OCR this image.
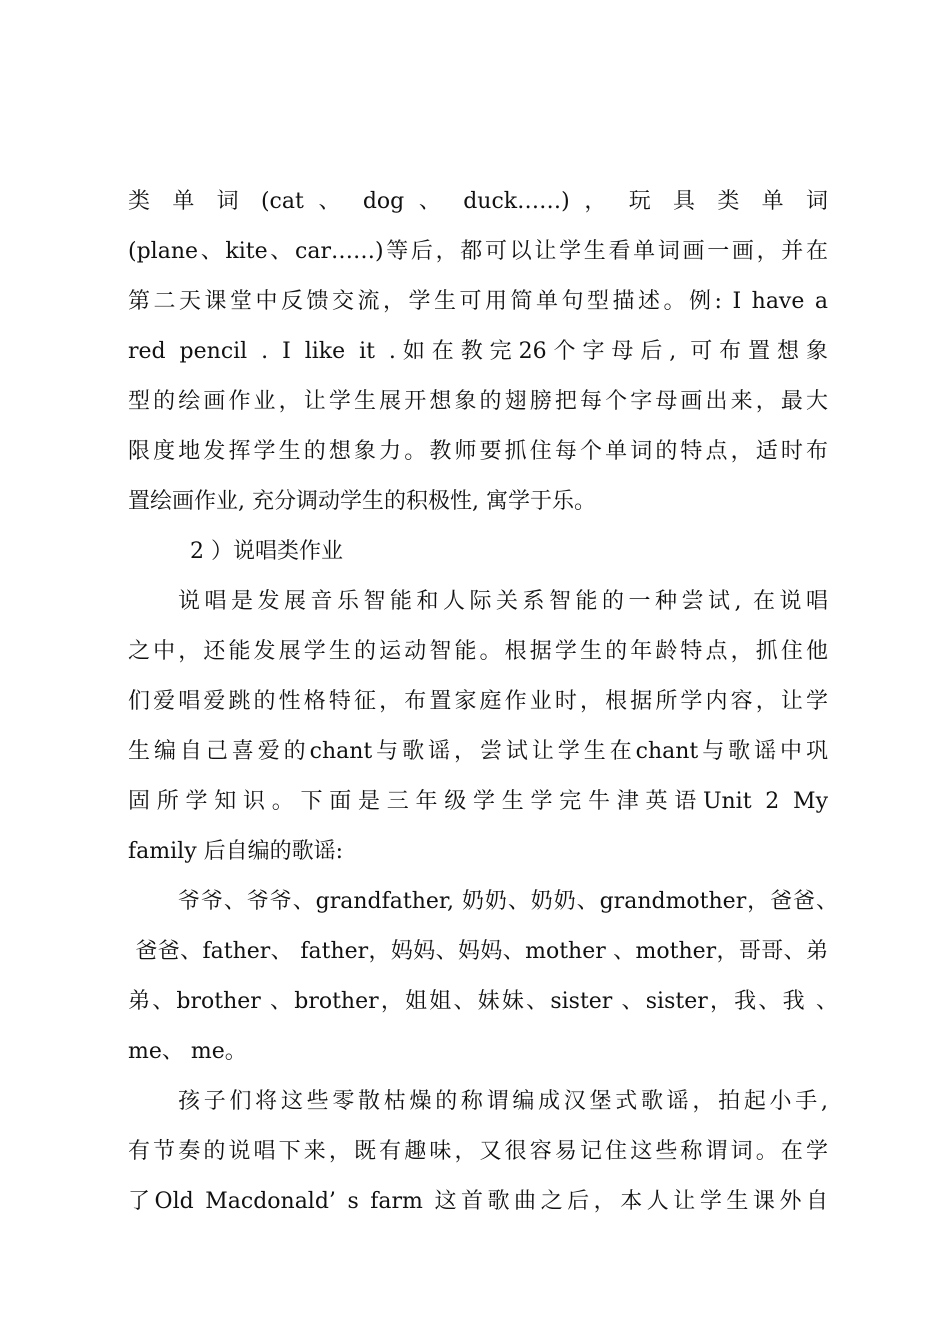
类 单 词 (cat 、 dog 、 duck……) ， 玩 具 类 单 词
(plane、kite、car……)等后，都可以让学生看单词画一画，并在
第二天课堂中反馈交流，学生可用简单句型描述。例: I have a
red pencil . I like it .如在教完26个字母后, 可布置想象
型的绘画作业，让学生展开想象的翅膀把每个字母画出来，最大
限度地发挥学生的想象力。教师要抓住每个单词的特点，适时布
置绘画作业, 充分调动学生的积极性, 寓学于乐。
2 ）说唱类作业
说唱是发展音乐智能和人际关系智能的一种尝试, 在说唱
之中，还能发展学生的运动智能。根据学生的年龄特点，抓住他
们爱唱爱跳的性格特征，布置家庭作业时，根据所学内容，让学
生编自己喜爱的chant与歌谣，尝试让学生在chant与歌谣中巩
固所学知识。下面是三年级学生学完牛津英语Unit 2 My
family 后自编的歌谣:
爷爷、爷爷、grandfather, 奶奶、奶奶、grandmother，爸爸、
爸爸、father、 father，妈妈、妈妈、mother 、mother，哥哥、弟
弟、brother 、brother，姐姐、妹妹、sister 、sister，我、我 、
me、 me。
孩子们将这些零散枯燥的称谓编成汉堡式歌谣，拍起小手,
有节奏的说唱下来，既有趣味，又很容易记住这些称谓词。在学
了Old Macdonald’ s farm 这首歌曲之后，本人让学生课外自
